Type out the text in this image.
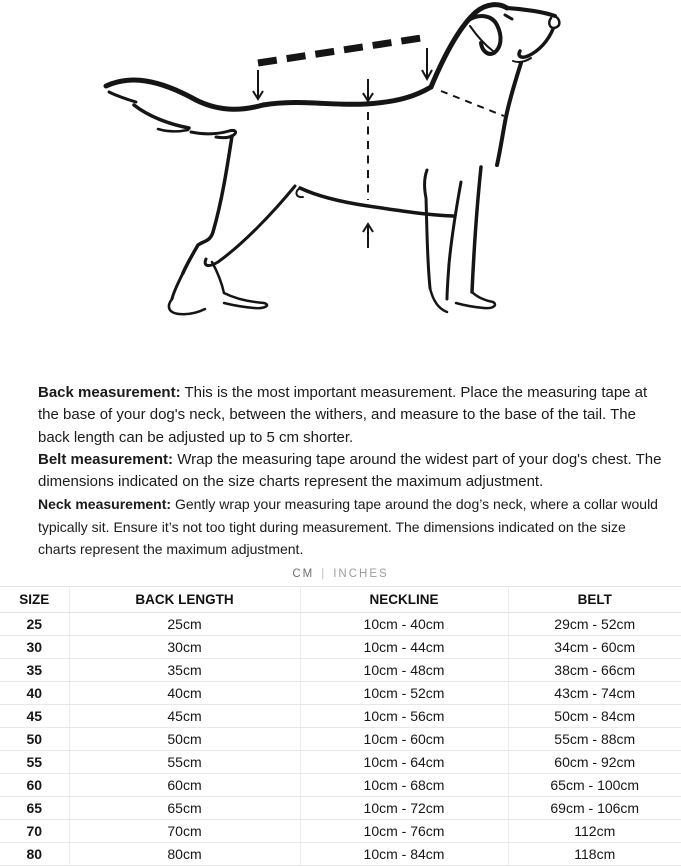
Back measurement: This is the most important measurement. Place the measuring tape at the base of your dog's neck, between the withers, and measure to the base of the tail. The back length can be adjusted up to 5 cm shorter.

Belt measurement: Wrap the measuring tape around the widest part of your dog's chest. The dimensions indicated on the size charts represent the maximum adjustment.

Neck measurement: Gently wrap your measuring tape around the dog’s neck, where a collar would typically sit. Ensure it’s not too tight during measurement. The dimensions indicated on the size charts represent the maximum adjustment.

CM | INCHES
SIZE	BACK LENGTH	NECKLINE	BELT
25	25cm	10cm - 40cm	29cm - 52cm
30	30cm	10cm - 44cm	34cm - 60cm
35	35cm	10cm - 48cm	38cm - 66cm
40	40cm	10cm - 52cm	43cm - 74cm
45	45cm	10cm - 56cm	50cm - 84cm
50	50cm	10cm - 60cm	55cm - 88cm
55	55cm	10cm - 64cm	60cm - 92cm
60	60cm	10cm - 68cm	65cm - 100cm
65	65cm	10cm - 72cm	69cm - 106cm
70	70cm	10cm - 76cm	112cm
80	80cm	10cm - 84cm	118cm
